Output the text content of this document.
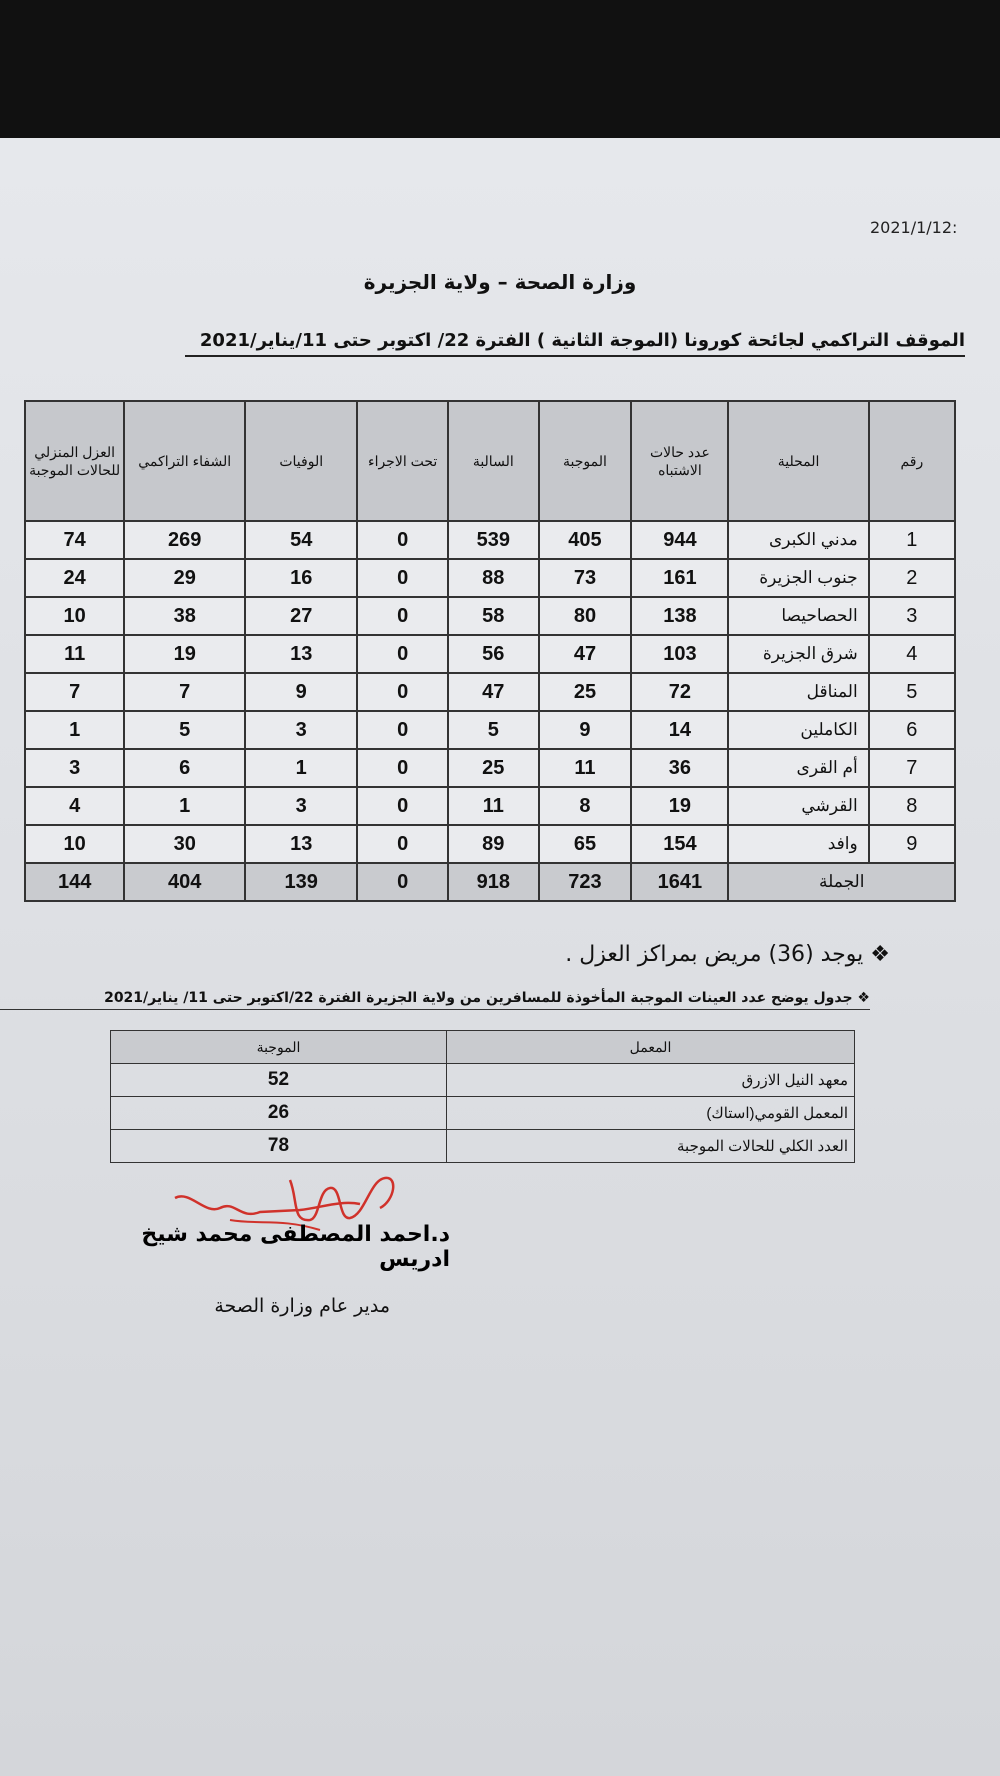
2021/1/12:
وزارة الصحة – ولاية الجزيرة
الموقف التراكمي لجائحة كورونا (الموجة الثانية ) الفترة 22/ اكتوبر حتى 11/يناير/2021
رقم	المحلية	عدد حالات الاشتباه	الموجبة	السالبة	تحت الاجراء	الوفيات	الشفاء التراكمي	العزل المنزلي للحالات الموجبة
1	مدني الكبرى	944	405	539	0	54	269	74
2	جنوب الجزيرة	161	73	88	0	16	29	24
3	الحصاحيصا	138	80	58	0	27	38	10
4	شرق الجزيرة	103	47	56	0	13	19	11
5	المناقل	72	25	47	0	9	7	7
6	الكاملين	14	9	5	0	3	5	1
7	أم القرى	36	11	25	0	1	6	3
8	القرشي	19	8	11	0	3	1	4
9	وافد	154	65	89	0	13	30	10
الجملة		1641	723	918	0	139	404	144
❖ يوجد (36) مريض بمراكز العزل .
❖ جدول يوضح عدد العينات الموجبة المأخوذة للمسافرين من ولاية الجزيرة الفترة 22/اكتوبر حتى 11/ يناير/2021
المعمل	الموجبة
معهد النيل الازرق	52
المعمل القومي(استاك)	26
العدد الكلي للحالات الموجبة	78
د.احمد المصطفى محمد شيخ ادريس
مدير عام وزارة الصحة
